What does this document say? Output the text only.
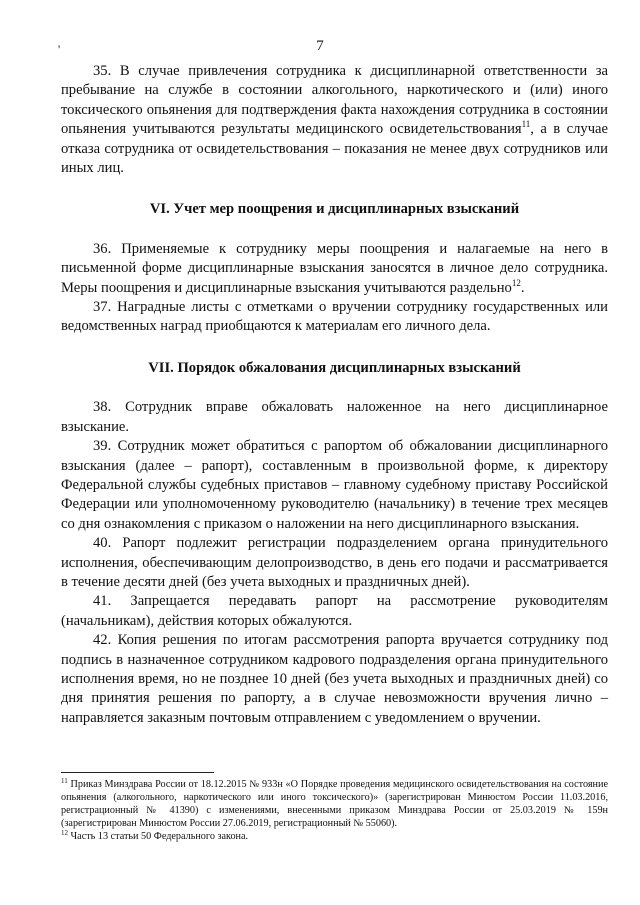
'	7

35. В случае привлечения сотрудника к дисциплинарной ответственности за пребывание на службе в состоянии алкогольного, наркотического и (или) иного токсического опьянения для подтверждения факта нахождения сотрудника в состоянии опьянения учитываются результаты медицинского освидетельствования$^{11}$, а в случае отказа сотрудника от освидетельствования – показания не менее двух сотрудников или иных лиц.

VI. Учет мер поощрения и дисциплинарных взысканий

36. Применяемые к сотруднику меры поощрения и налагаемые на него в письменной форме дисциплинарные взыскания заносятся в личное дело сотрудника. Меры поощрения и дисциплинарные взыскания учитываются раздельно$^{12}$.

37. Наградные листы с отметками о вручении сотруднику государственных или ведомственных наград приобщаются к материалам его личного дела.

VII. Порядок обжалования дисциплинарных взысканий

38. Сотрудник вправе обжаловать наложенное на него дисциплинарное взыскание.

39. Сотрудник может обратиться с рапортом об обжаловании дисциплинарного взыскания (далее – рапорт), составленным в произвольной форме, к директору Федеральной службы судебных приставов – главному судебному приставу Российской Федерации или уполномоченному руководителю (начальнику) в течение трех месяцев со дня ознакомления с приказом о наложении на него дисциплинарного взыскания.

40. Рапорт подлежит регистрации подразделением органа принудительного исполнения, обеспечивающим делопроизводство, в день его подачи и рассматривается в течение десяти дней (без учета выходных и праздничных дней).

41. Запрещается передавать рапорт на рассмотрение руководителям (начальникам), действия которых обжалуются.

42. Копия решения по итогам рассмотрения рапорта вручается сотруднику под подпись в назначенное сотрудником кадрового подразделения органа принудительного исполнения время, но не позднее 10 дней (без учета выходных и праздничных дней) со дня принятия решения по рапорту, а в случае невозможности вручения лично – направляется заказным почтовым отправлением с уведомлением о вручении.

$^{11}$ Приказ Минздрава России от 18.12.2015 № 933н «О Порядке проведения медицинского освидетельствования на состояние опьянения (алкогольного, наркотического или иного токсического)» (зарегистрирован Минюстом России 11.03.2016, регистрационный № 41390) с изменениями, внесенными приказом Минздрава России от 25.03.2019 № 159н (зарегистрирован Минюстом России 27.06.2019, регистрационный № 55060).

$^{12}$ Часть 13 статьи 50 Федерального закона.
